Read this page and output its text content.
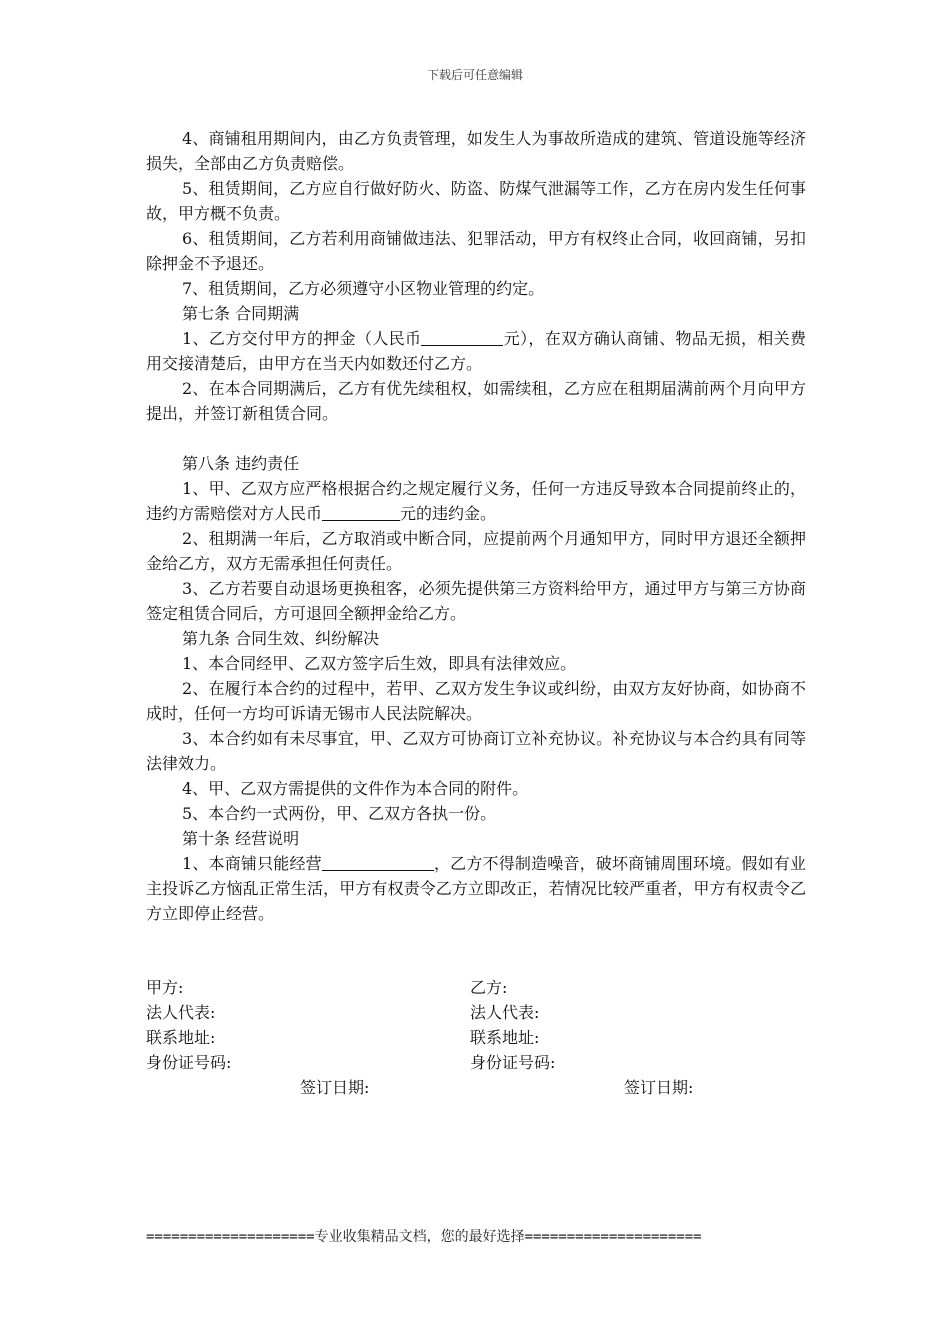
下载后可任意编辑

4、商铺租用期间内，由乙方负责管理，如发生人为事故所造成的建筑、管道设施等经济损失，全部由乙方负责赔偿。

5、租赁期间，乙方应自行做好防火、防盗、防煤气泄漏等工作，乙方在房内发生任何事故，甲方概不负责。

6、租赁期间，乙方若利用商铺做违法、犯罪活动，甲方有权终止合同，收回商铺，另扣除押金不予退还。

7、租赁期间，乙方必须遵守小区物业管理的约定。

第七条 合同期满

1、乙方交付甲方的押金（人民币	元），在双方确认商铺、物品无损，相关费用交接清楚后，由甲方在当天内如数还付乙方。

2、在本合同期满后，乙方有优先续租权，如需续租，乙方应在租期届满前两个月向甲方提出，并签订新租赁合同。

第八条 违约责任

1、甲、乙双方应严格根据合约之规定履行义务，任何一方违反导致本合同提前终止的，违约方需赔偿对方人民币	元的违约金。

2、租期满一年后，乙方取消或中断合同，应提前两个月通知甲方，同时甲方退还全额押金给乙方，双方无需承担任何责任。

3、乙方若要自动退场更换租客，必须先提供第三方资料给甲方，通过甲方与第三方协商签定租赁合同后，方可退回全额押金给乙方。

第九条 合同生效、纠纷解决

1、本合同经甲、乙双方签字后生效，即具有法律效应。

2、在履行本合约的过程中，若甲、乙双方发生争议或纠纷，由双方友好协商，如协商不成时，任何一方均可诉请无锡市人民法院解决。

3、本合约如有未尽事宜，甲、乙双方可协商订立补充协议。补充协议与本合约具有同等法律效力。

4、甲、乙双方需提供的文件作为本合同的附件。

5、本合约一式两份，甲、乙双方各执一份。

第十条 经营说明

1、本商铺只能经营	，乙方不得制造噪音，破坏商铺周围环境。假如有业主投诉乙方恼乱正常生活，甲方有权责令乙方立即改正，若情况比较严重者，甲方有权责令乙方立即停止经营。

甲方:	乙方:
法人代表:	法人代表:
联系地址:	联系地址:
身份证号码:	身份证号码:
签订日期:	签订日期:
====================专业收集精品文档，您的最好选择=====================
